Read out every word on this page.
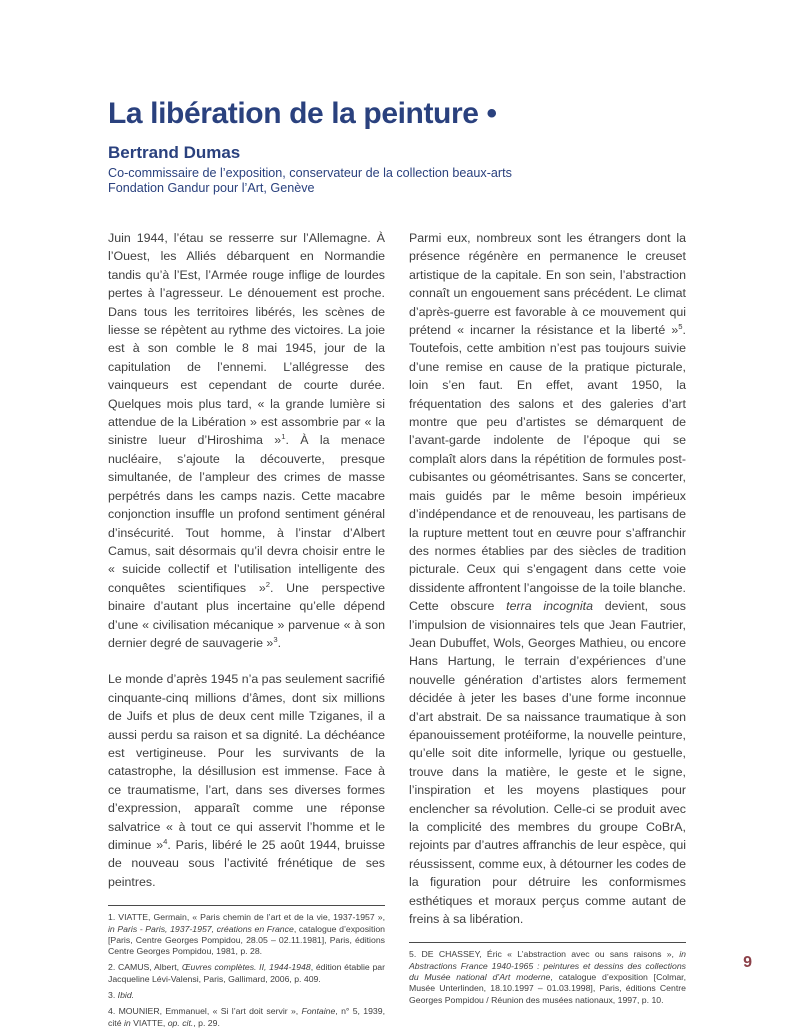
La libération de la peinture •

Bertrand Dumas

Co-commissaire de l’exposition, conservateur de la collection beaux-arts

Fondation Gandur pour l’Art, Genève

Juin 1944, l’étau se resserre sur l’Allemagne. À l’Ouest, les Alliés débarquent en Normandie tandis qu’à l’Est, l’Armée rouge inflige de lourdes pertes à l’agresseur. Le dénouement est proche. Dans tous les territoires libérés, les scènes de liesse se répètent au rythme des victoires. La joie est à son comble le 8 mai 1945, jour de la capitulation de l’ennemi. L’allégresse des vainqueurs est cependant de courte durée. Quelques mois plus tard, « la grande lumière si attendue de la Libération » est assombrie par « la sinistre lueur d’Hiroshima »$^1$. À la menace nucléaire, s’ajoute la découverte, presque simultanée, de l’ampleur des crimes de masse perpétrés dans les camps nazis. Cette macabre conjonction insuffle un profond sentiment général d’insécurité. Tout homme, à l’instar d’Albert Camus, sait désormais qu’il devra choisir entre le « suicide collectif et l’utilisation intelligente des conquêtes scientifiques »$^2$. Une perspective binaire d’autant plus incertaine qu’elle dépend d’une « civilisation mécanique » parvenue « à son dernier degré de sauvagerie »$^3$.

Le monde d’après 1945 n’a pas seulement sacrifié cinquante-cinq millions d’âmes, dont six millions de Juifs et plus de deux cent mille Tziganes, il a aussi perdu sa raison et sa dignité. La déchéance est vertigineuse. Pour les survivants de la catastrophe, la désillusion est immense. Face à ce traumatisme, l’art, dans ses diverses formes d’expression, apparaît comme une réponse salvatrice « à tout ce qui asservit l’homme et le diminue »$^4$. Paris, libéré le 25 août 1944, bruisse de nouveau sous l’activité frénétique de ses peintres.

1. VIATTE, Germain, « Paris chemin de l’art et de la vie, 1937-1957 », in Paris - Paris, 1937-1957, créations en France, catalogue d’exposition [Paris, Centre Georges Pompidou, 28.05 – 02.11.1981], Paris, éditions Centre Georges Pompidou, 1981, p. 28.

2. CAMUS, Albert, Œuvres complètes. II, 1944-1948, édition établie par Jacqueline Lévi-Valensi, Paris, Gallimard, 2006, p. 409.

3. Ibid.

4. MOUNIER, Emmanuel, « Si l’art doit servir », Fontaine, n° 5, 1939, cité in VIATTE, op. cit., p. 29.

Parmi eux, nombreux sont les étrangers dont la présence régénère en permanence le creuset artistique de la capitale. En son sein, l’abstraction connaît un engouement sans précédent. Le climat d’après-guerre est favorable à ce mouvement qui prétend « incarner la résistance et la liberté »$^5$. Toutefois, cette ambition n’est pas toujours suivie d’une remise en cause de la pratique picturale, loin s’en faut. En effet, avant 1950, la fréquentation des salons et des galeries d’art montre que peu d’artistes se démarquent de l’avant-garde indolente de l’époque qui se complaît alors dans la répétition de formules post-cubisantes ou géométrisantes. Sans se concerter, mais guidés par le même besoin impérieux d’indépendance et de renouveau, les partisans de la rupture mettent tout en œuvre pour s’affranchir des normes établies par des siècles de tradition picturale. Ceux qui s’engagent dans cette voie dissidente affrontent l’angoisse de la toile blanche. Cette obscure terra incognita devient, sous l’impulsion de visionnaires tels que Jean Fautrier, Jean Dubuffet, Wols, Georges Mathieu, ou encore Hans Hartung, le terrain d’expériences d’une nouvelle génération d’artistes alors fermement décidée à jeter les bases d’une forme inconnue d’art abstrait. De sa naissance traumatique à son épanouissement protéiforme, la nouvelle peinture, qu’elle soit dite informelle, lyrique ou gestuelle, trouve dans la matière, le geste et le signe, l’inspiration et les moyens plastiques pour enclencher sa révolution. Celle-ci se produit avec la complicité des membres du groupe CoBrA, rejoints par d’autres affranchis de leur espèce, qui réussissent, comme eux, à détourner les codes de la figuration pour détruire les conformismes esthétiques et moraux perçus comme autant de freins à sa libération.

5. DE CHASSEY, Éric « L’abstraction avec ou sans raisons », in Abstractions France 1940-1965 : peintures et dessins des collections du Musée national d’Art moderne, catalogue d’exposition [Colmar, Musée Unterlinden, 18.10.1997 – 01.03.1998], Paris, éditions Centre Georges Pompidou / Réunion des musées nationaux, 1997, p. 10.

9
